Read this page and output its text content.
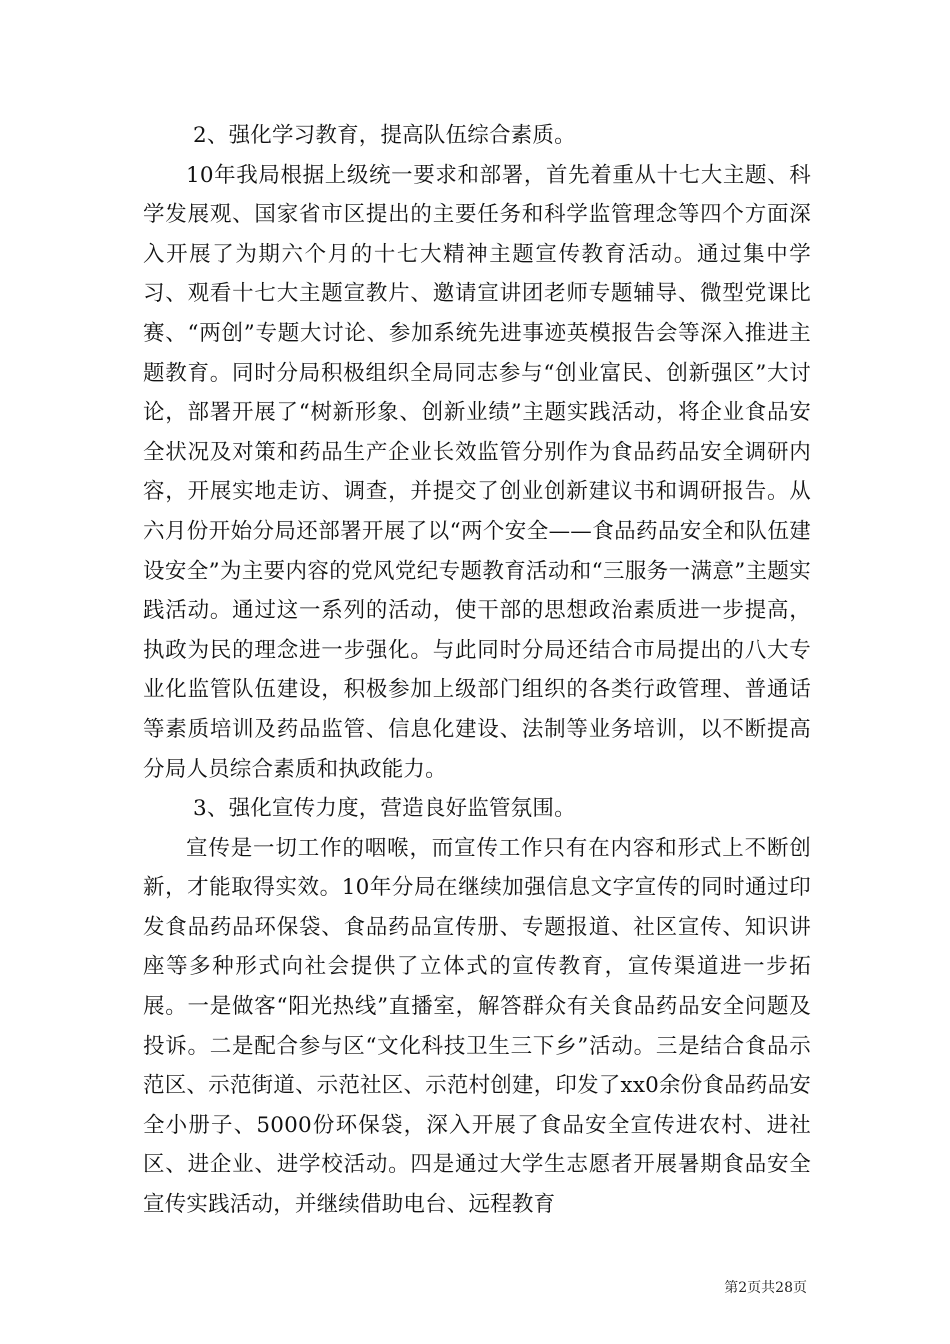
2、强化学习教育，提高队伍综合素质。

10年我局根据上级统一要求和部署，首先着重从十七大主题、科学发展观、国家省市区提出的主要任务和科学监管理念等四个方面深入开展了为期六个月的十七大精神主题宣传教育活动。通过集中学习、观看十七大主题宣教片、邀请宣讲团老师专题辅导、微型党课比赛、“两创”专题大讨论、参加系统先进事迹英模报告会等深入推进主题教育。同时分局积极组织全局同志参与“创业富民、创新强区”大讨论，部署开展了“树新形象、创新业绩”主题实践活动，将企业食品安全状况及对策和药品生产企业长效监管分别作为食品药品安全调研内容，开展实地走访、调查，并提交了创业创新建议书和调研报告。从六月份开始分局还部署开展了以“两个安全——食品药品安全和队伍建设安全”为主要内容的党风党纪专题教育活动和“三服务一满意”主题实践活动。通过这一系列的活动，使干部的思想政治素质进一步提高，执政为民的理念进一步强化。与此同时分局还结合市局提出的八大专业化监管队伍建设，积极参加上级部门组织的各类行政管理、普通话等素质培训及药品监管、信息化建设、法制等业务培训，以不断提高分局人员综合素质和执政能力。

3、强化宣传力度，营造良好监管氛围。

宣传是一切工作的咽喉，而宣传工作只有在内容和形式上不断创新，才能取得实效。10年分局在继续加强信息文字宣传的同时通过印发食品药品环保袋、食品药品宣传册、专题报道、社区宣传、知识讲座等多种形式向社会提供了立体式的宣传教育，宣传渠道进一步拓展。一是做客“阳光热线”直播室，解答群众有关食品药品安全问题及投诉。二是配合参与区“文化科技卫生三下乡”活动。三是结合食品示范区、示范街道、示范社区、示范村创建，印发了xx0余份食品药品安全小册子、5000份环保袋，深入开展了食品安全宣传进农村、进社区、进企业、进学校活动。四是通过大学生志愿者开展暑期食品安全宣传实践活动，并继续借助电台、远程教育

第2页共28页
